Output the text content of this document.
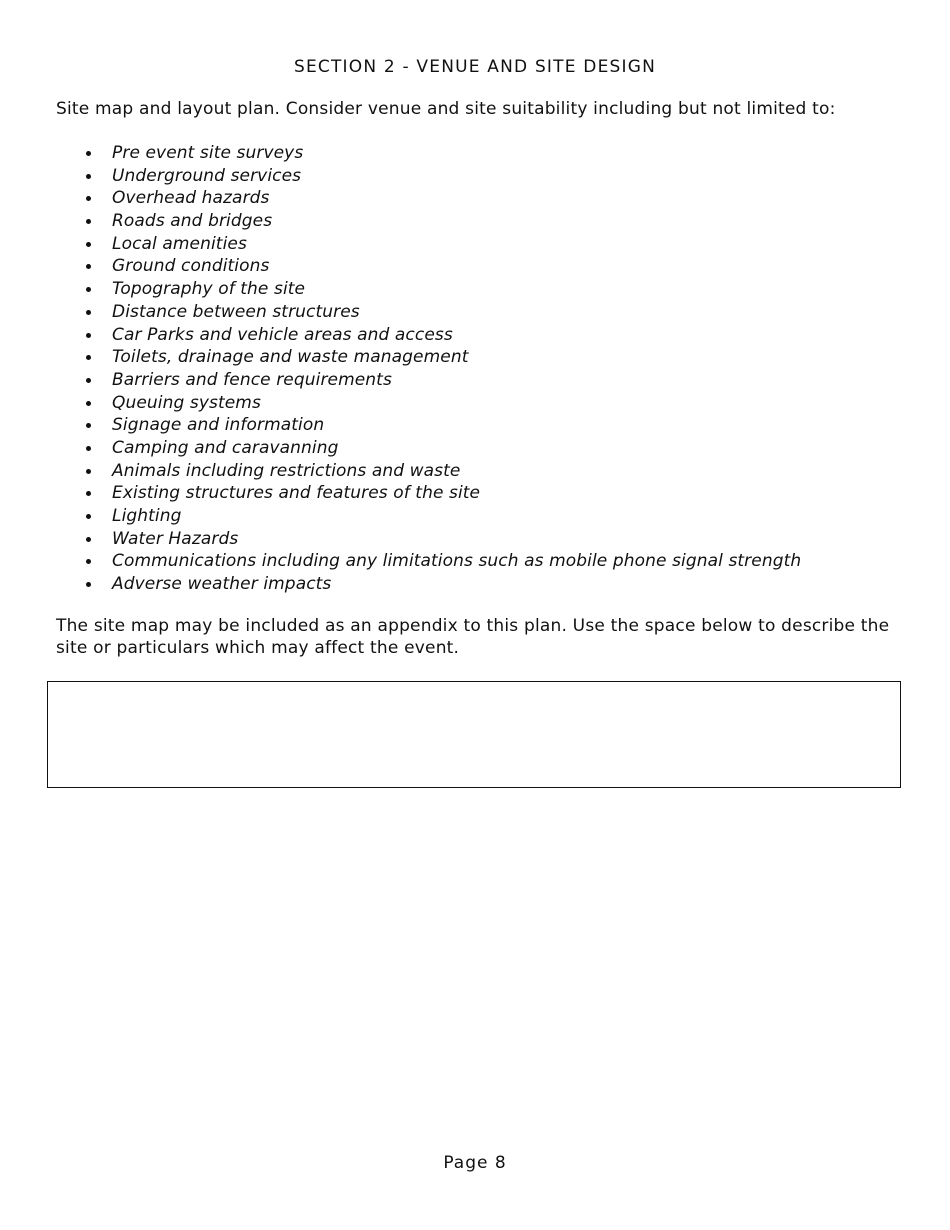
SECTION 2 - VENUE AND SITE DESIGN
Site map and layout plan. Consider venue and site suitability including but not limited to:
Pre event site surveys
Underground services
Overhead hazards
Roads and bridges
Local amenities
Ground conditions
Topography of the site
Distance between structures
Car Parks and vehicle areas and access
Toilets, drainage and waste management
Barriers and fence requirements
Queuing systems
Signage and information
Camping and caravanning
Animals including restrictions and waste
Existing structures and features of the site
Lighting
Water Hazards
Communications including any limitations such as mobile phone signal strength
Adverse weather impacts
The site map may be included as an appendix to this plan. Use the space below to describe the site or particulars which may affect the event.
Page 8
